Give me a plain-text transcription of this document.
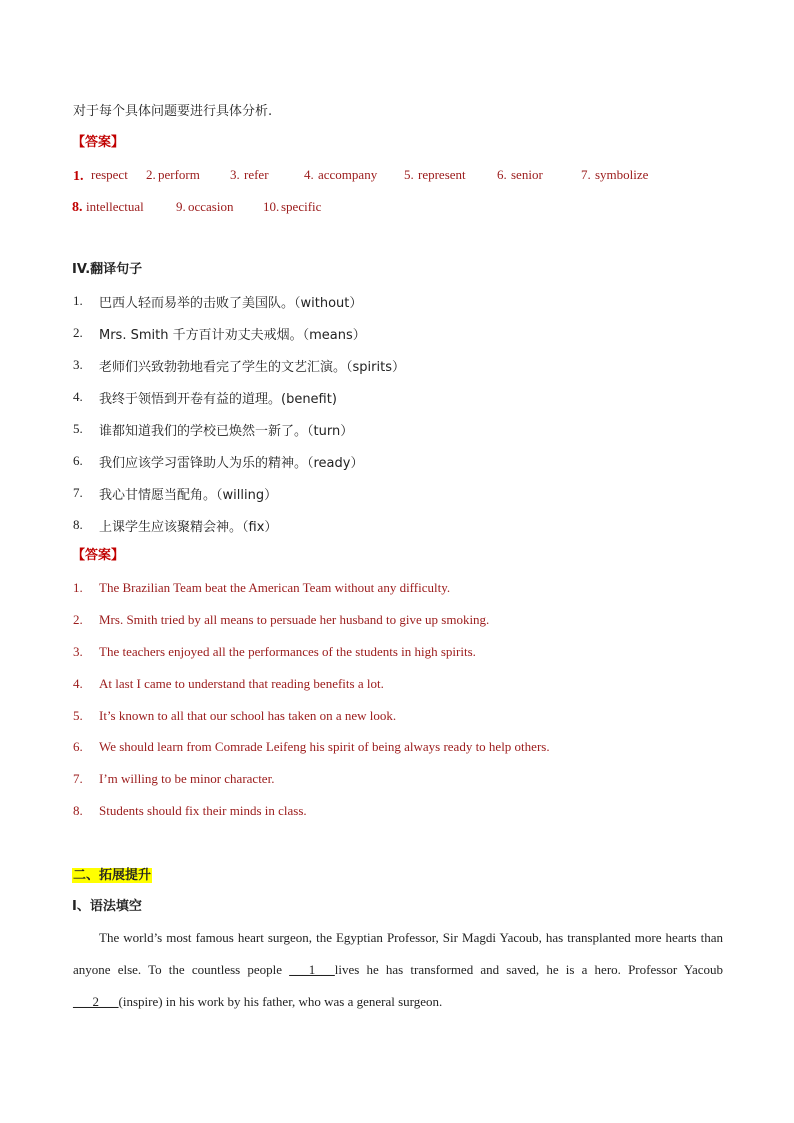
对于每个具体问题要进行具体分析.
【答案】
1. respect 2. perform 3. refer	4. accompany 5. represent 6. senior	7. symbolize
8. intellectual 9. occasion 10. specific
IV.翻译句子
1. 巴西人轻而易举的击败了美国队。（without）
2. Mrs. Smith 千方百计劝丈夫戒烟。（means）
3. 老师们兴致勃勃地看完了学生的文艺汇演。（spirits）
4. 我终于领悟到开卷有益的道理。(benefit)
5. 谁都知道我们的学校已焕然一新了。（turn）
6. 我们应该学习雷锋助人为乐的精神。（ready）
7. 我心甘情愿当配角。（willing）
8. 上课学生应该聚精会神。（fix）
【答案】
1. The Brazilian Team beat the American Team without any difficulty.
2. Mrs. Smith tried by all means to persuade her husband to give up smoking.
3. The teachers enjoyed all the performances of the students in high spirits.
4. At last I came to understand that reading benefits a lot.
5. It’s known to all that our school has taken on a new look.
6. We should learn from Comrade Leifeng his spirit of being always ready to help others.
7. I’m willing to be minor character.
8. Students should fix their minds in class.
二、拓展提升
I、语法填空
The world’s most famous heart surgeon, the Egyptian Professor, Sir Magdi Yacoub, has transplanted more hearts than anyone else. To the countless people ___1___lives he has transformed and saved, he is a hero. Professor Yacoub ___2___(inspire) in his work by his father, who was a general surgeon.
